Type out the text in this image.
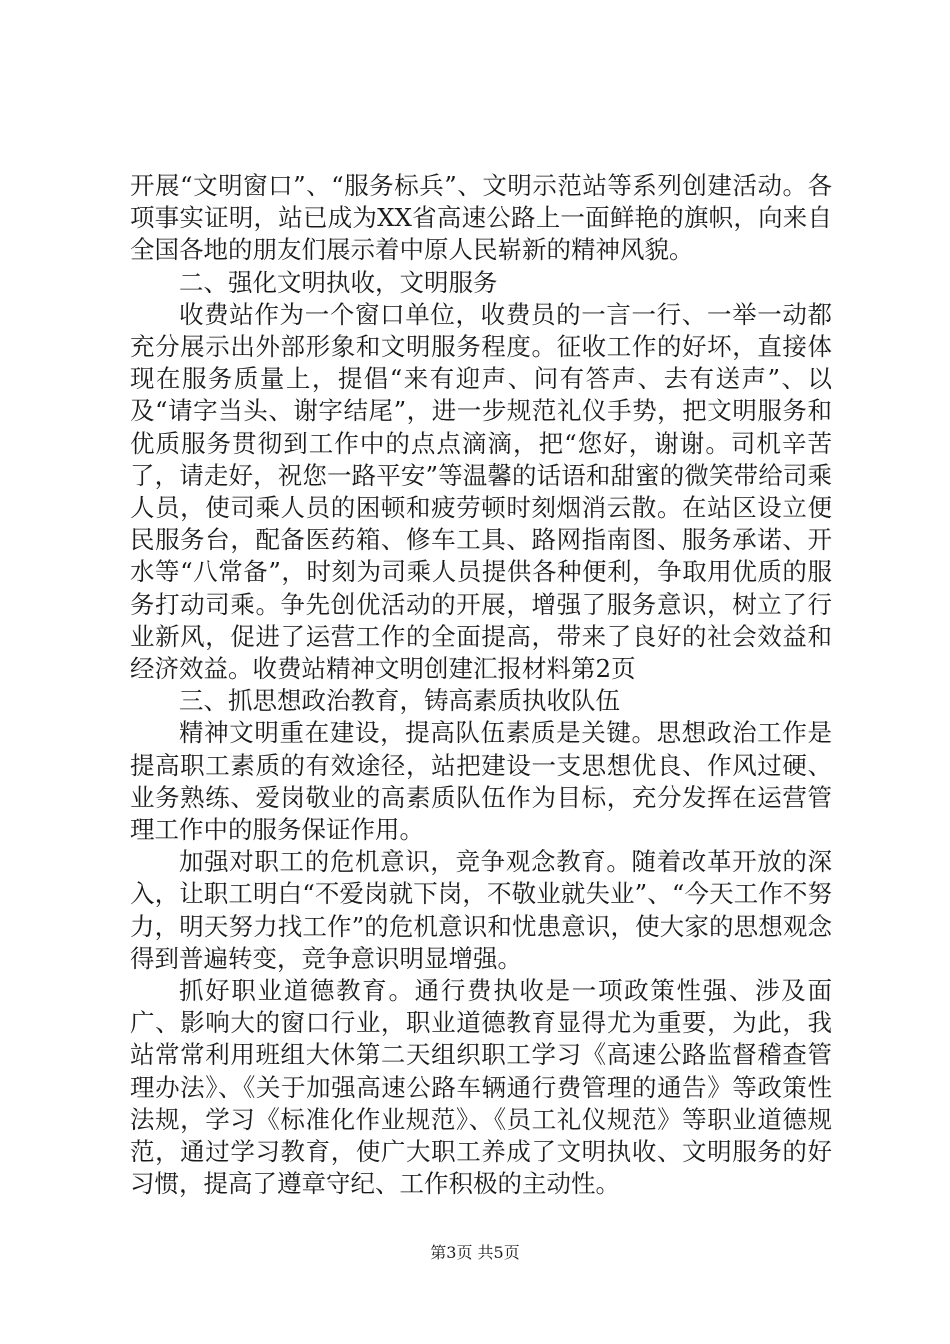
开展“文明窗口”、“服务标兵”、文明示范站等系列创建活动。各项事实证明，站已成为XX省高速公路上一面鲜艳的旗帜，向来自全国各地的朋友们展示着中原人民崭新的精神风貌。

二、强化文明执收，文明服务

收费站作为一个窗口单位，收费员的一言一行、一举一动都充分展示出外部形象和文明服务程度。征收工作的好坏，直接体现在服务质量上，提倡“来有迎声、问有答声、去有送声”、以及“请字当头、谢字结尾”，进一步规范礼仪手势，把文明服务和优质服务贯彻到工作中的点点滴滴，把“您好，谢谢。司机辛苦了，请走好，祝您一路平安”等温馨的话语和甜蜜的微笑带给司乘人员，使司乘人员的困顿和疲劳顿时刻烟消云散。在站区设立便民服务台，配备医药箱、修车工具、路网指南图、服务承诺、开水等“八常备”，时刻为司乘人员提供各种便利，争取用优质的服务打动司乘。争先创优活动的开展，增强了服务意识，树立了行业新风，促进了运营工作的全面提高，带来了良好的社会效益和经济效益。收费站精神文明创建汇报材料第2页

三、抓思想政治教育，铸高素质执收队伍

精神文明重在建设，提高队伍素质是关键。思想政治工作是提高职工素质的有效途径，站把建设一支思想优良、作风过硬、业务熟练、爱岗敬业的高素质队伍作为目标，充分发挥在运营管理工作中的服务保证作用。

加强对职工的危机意识，竞争观念教育。随着改革开放的深入，让职工明白“不爱岗就下岗，不敬业就失业”、“今天工作不努力，明天努力找工作”的危机意识和忧患意识，使大家的思想观念得到普遍转变，竞争意识明显增强。

抓好职业道德教育。通行费执收是一项政策性强、涉及面广、影响大的窗口行业，职业道德教育显得尤为重要，为此，我站常常利用班组大休第二天组织职工学习《高速公路监督稽查管理办法》、《关于加强高速公路车辆通行费管理的通告》等政策性法规，学习《标准化作业规范》、《员工礼仪规范》等职业道德规范，通过学习教育，使广大职工养成了文明执收、文明服务的好习惯，提高了遵章守纪、工作积极的主动性。

第3页 共5页
